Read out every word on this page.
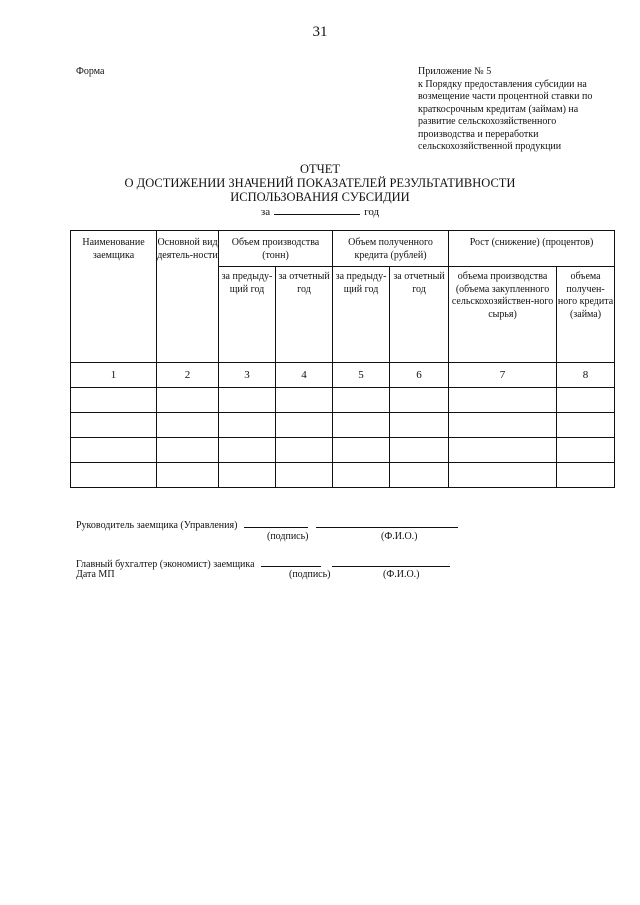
31
Форма	Приложение № 5
к Порядку предоставления субсидии на
возмещение части процентной ставки по
краткосрочным кредитам (займам) на
развитие сельскохозяйственного
производства и переработки
сельскохозяйственной продукции
ОТЧЕТ
О ДОСТИЖЕНИИ ЗНАЧЕНИЙ ПОКАЗАТЕЛЕЙ РЕЗУЛЬТАТИВНОСТИ
ИСПОЛЬЗОВАНИЯ СУБСИДИИ
за	год
Наименование заемщика	Основной вид деятель-ности	Объем производства (тонн)		Объем полученного кредита (рублей)		Рост (снижение) (процентов)	
		за предыду-щий год	за отчетный год	за предыду-щий год	за отчетный год	объема производства (объема закупленного сельскохозяйствен-ного сырья)	объема получен-ного кредита (займа)
1	2	3	4	5	6	7	8

Руководитель заемщика (Управления)
(подпись)	(Ф.И.О.)
Главный бухгалтер (экономист) заемщика
Дата МП	(подпись)	(Ф.И.О.)
